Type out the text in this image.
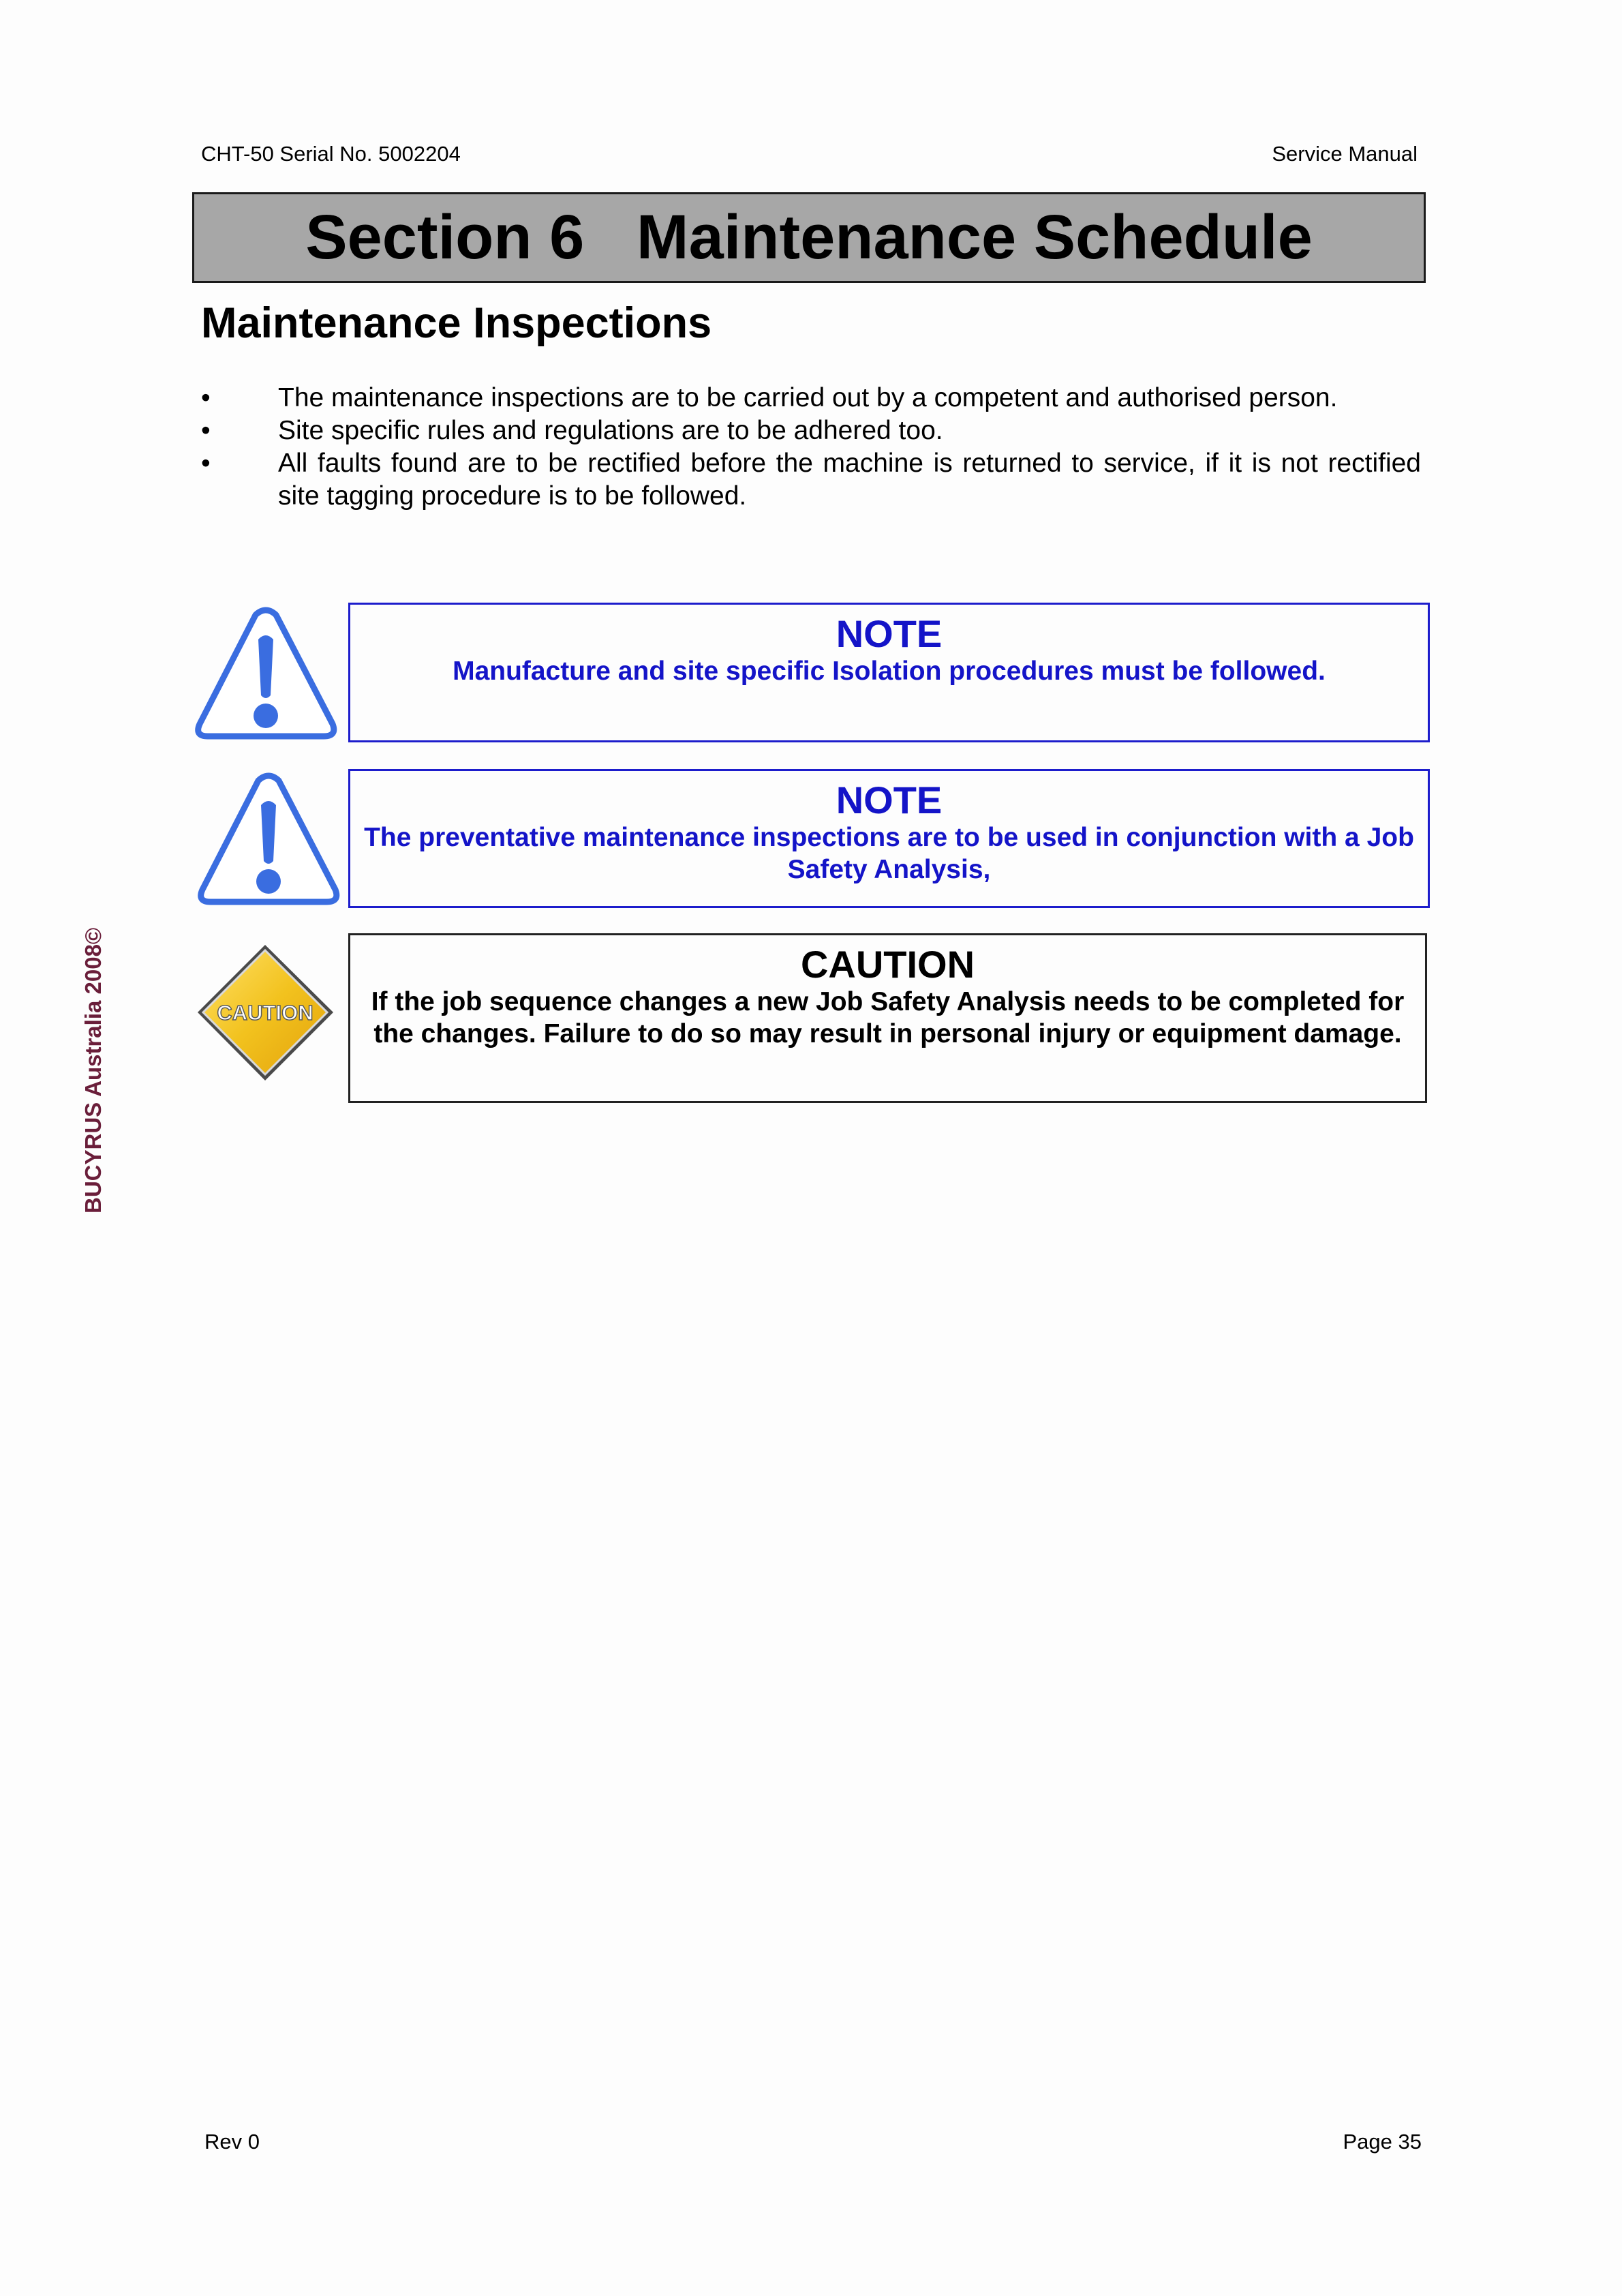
CHT-50 Serial No. 5002204	Service Manual
Section 6   Maintenance Schedule
Maintenance Inspections
•	The maintenance inspections are to be carried out by a competent and authorised person.
•	Site specific rules and regulations are to be adhered too.
•	All faults found are to be rectified before the machine is returned to service, if it is not rectified site tagging procedure is to be followed.
NOTE
Manufacture and site specific Isolation procedures must be followed.
NOTE
The preventative maintenance inspections are to be used in conjunction with a Job Safety Analysis,
CAUTION
CAUTION
If the job sequence changes a new Job Safety Analysis needs to be completed for the changes. Failure to do so may result in personal injury or equipment damage.
BUCYRUS Australia 2008©
Rev 0	Page 35
